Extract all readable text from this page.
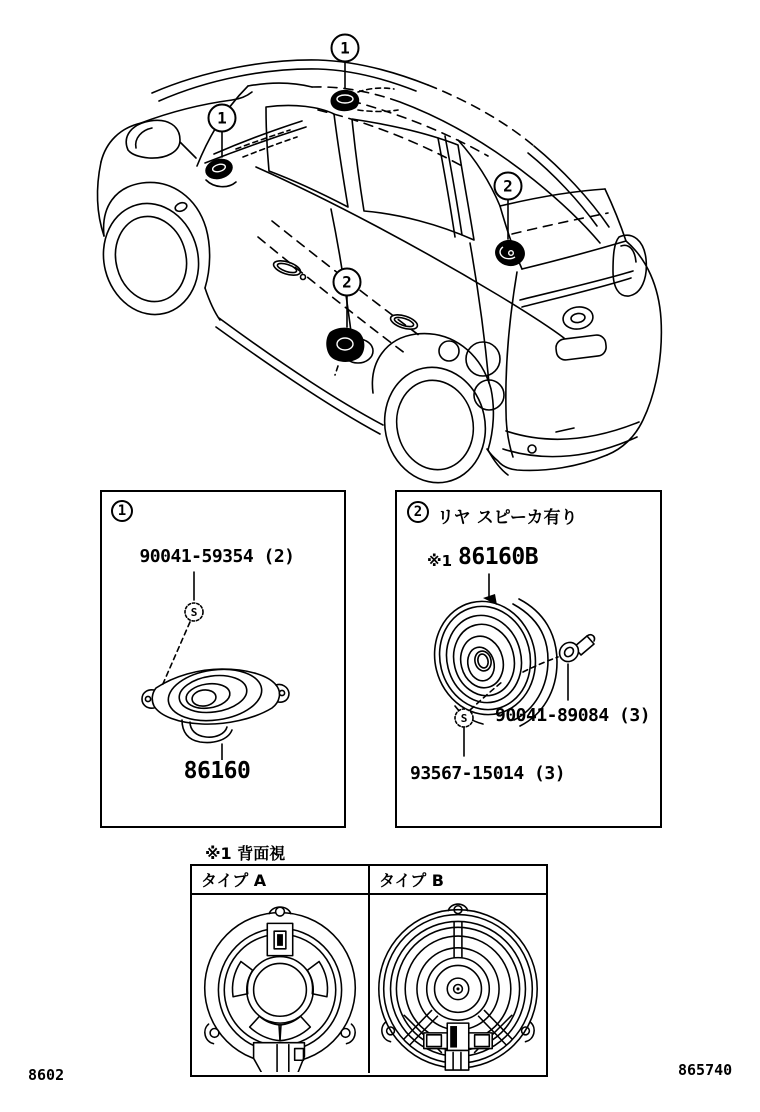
1
1
2
2
1
90041-59354 (2)
S
86160
2 リヤ スピーカ有り
※1 86160B
S 90041-89084 (3)
93567-15014 (3)
※1 背面視
タイプ A	タイプ B
8602	865740
